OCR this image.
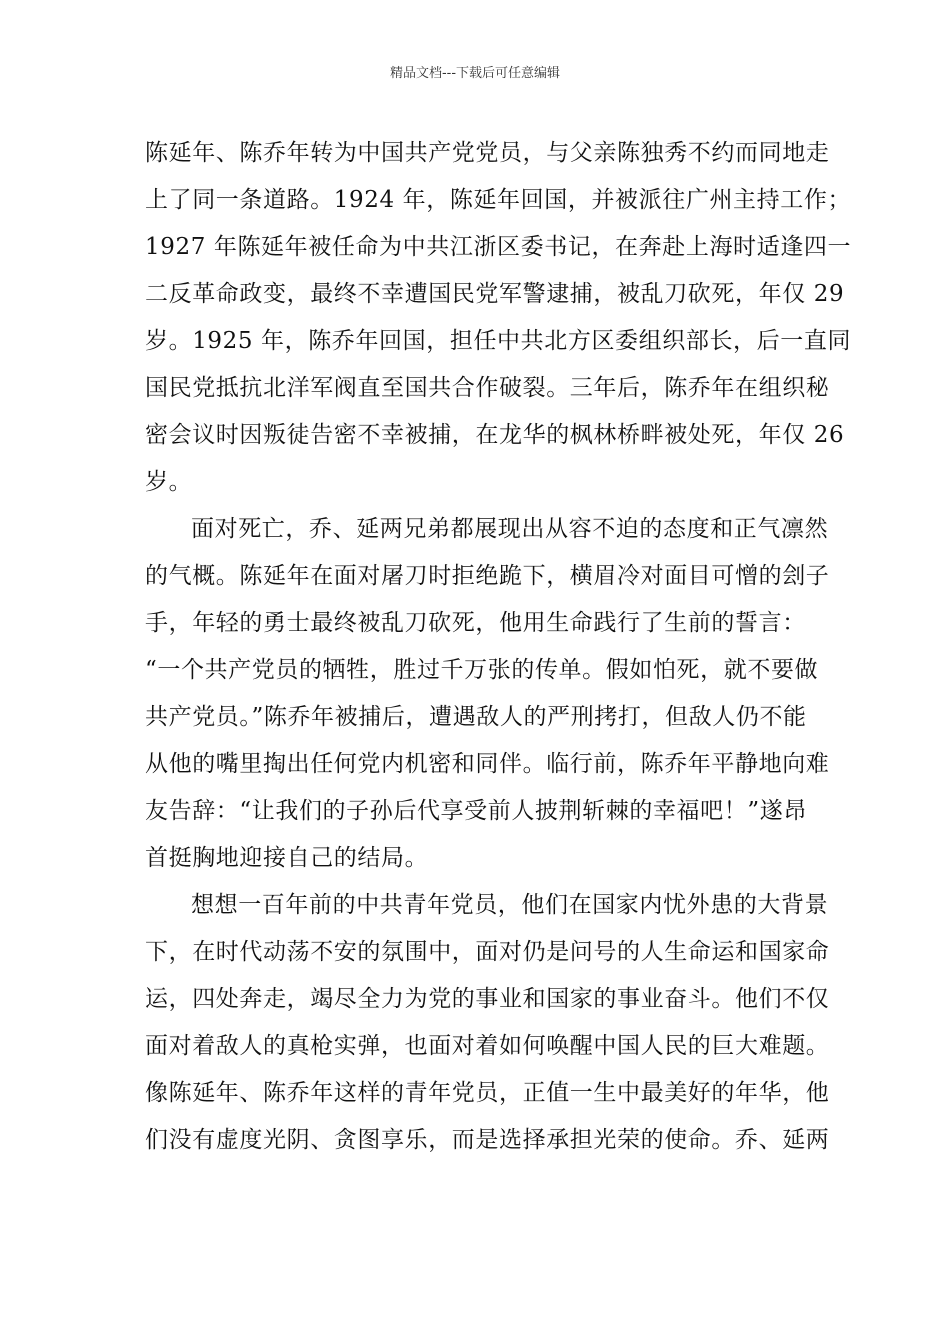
精品文档---下载后可任意编辑
陈延年、陈乔年转为中国共产党党员，与父亲陈独秀不约而同地走
上了同一条道路。1924 年，陈延年回国，并被派往广州主持工作；
1927 年陈延年被任命为中共江浙区委书记，在奔赴上海时适逢四一
二反革命政变，最终不幸遭国民党军警逮捕，被乱刀砍死，年仅 29
岁。1925 年，陈乔年回国，担任中共北方区委组织部长，后一直同
国民党抵抗北洋军阀直至国共合作破裂。三年后，陈乔年在组织秘
密会议时因叛徒告密不幸被捕，在龙华的枫林桥畔被处死，年仅 26
岁。
面对死亡，乔、延两兄弟都展现出从容不迫的态度和正气凛然
的气概。陈延年在面对屠刀时拒绝跪下，横眉冷对面目可憎的刽子
手，年轻的勇士最终被乱刀砍死，他用生命践行了生前的誓言：
“一个共产党员的牺牲，胜过千万张的传单。假如怕死，就不要做
共产党员。”陈乔年被捕后，遭遇敌人的严刑拷打，但敌人仍不能
从他的嘴里掏出任何党内机密和同伴。临行前，陈乔年平静地向难
友告辞：“让我们的子孙后代享受前人披荆斩棘的幸福吧！”遂昂
首挺胸地迎接自己的结局。
想想一百年前的中共青年党员，他们在国家内忧外患的大背景
下，在时代动荡不安的氛围中，面对仍是问号的人生命运和国家命
运，四处奔走，竭尽全力为党的事业和国家的事业奋斗。他们不仅
面对着敌人的真枪实弹，也面对着如何唤醒中国人民的巨大难题。
像陈延年、陈乔年这样的青年党员，正值一生中最美好的年华，他
们没有虚度光阴、贪图享乐，而是选择承担光荣的使命。乔、延两
